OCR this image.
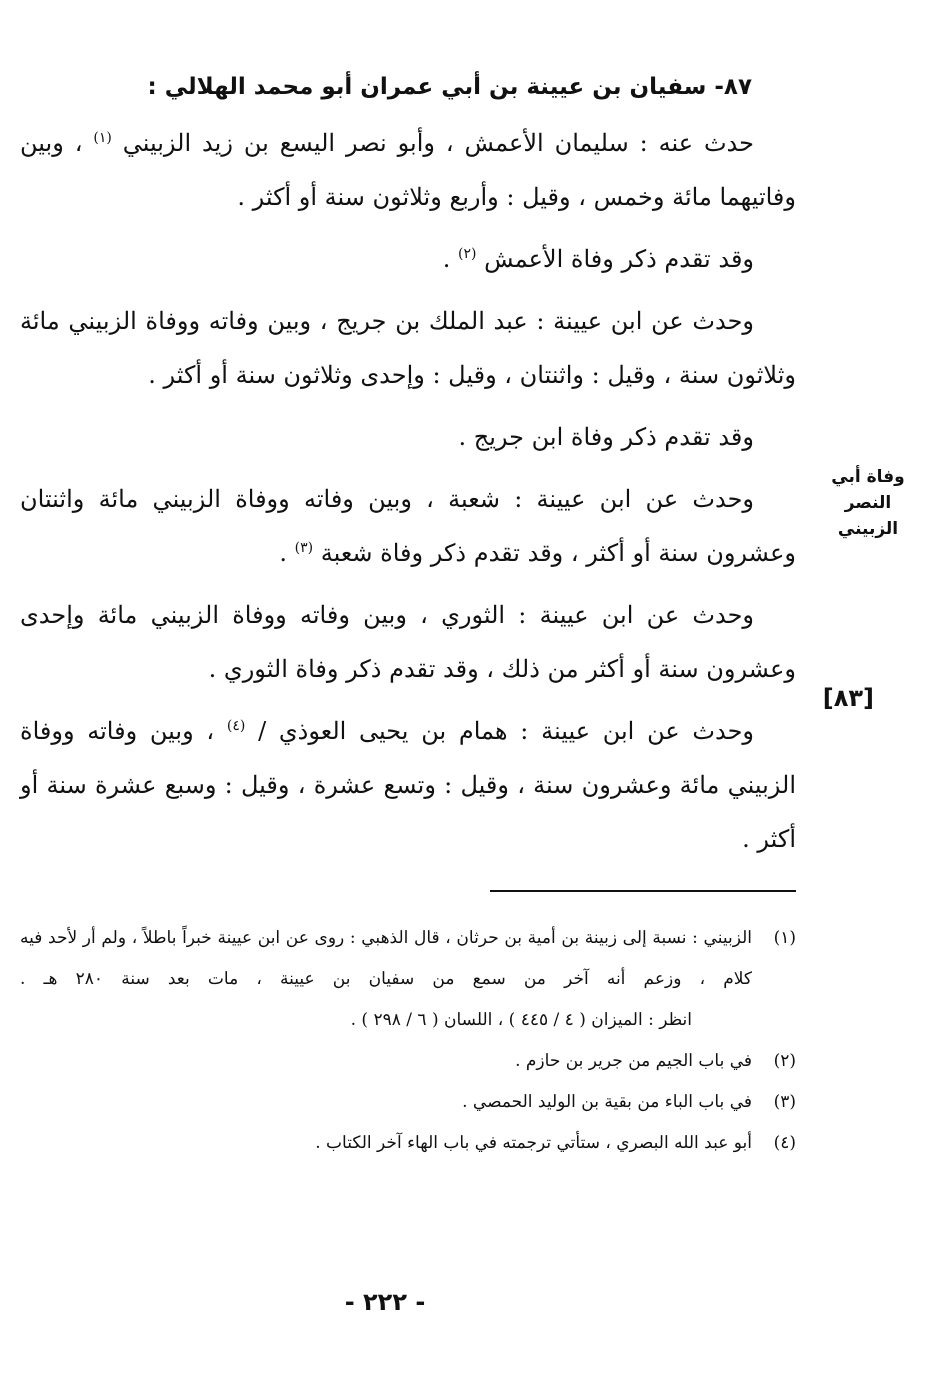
٨٧- سفيان بن عيينة بن أبي عمران أبو محمد الهلالي :
وفاة أبي
النصر الزبيني
[٨٣]

حدث عنه : سليمان الأعمش ، وأبو نصر اليسع بن زيد الزبيني $^{(١)}$ ، وبين وفاتيهما مائة وخمس ، وقيل : وأربع وثلاثون سنة أو أكثر .

وقد تقدم ذكر وفاة الأعمش $^{(٢)}$ .

وحدث عن ابن عيينة : عبد الملك بن جريج ، وبين وفاته ووفاة الزبيني مائة وثلاثون سنة ، وقيل : واثنتان ، وقيل : وإحدى وثلاثون سنة أو أكثر .

وقد تقدم ذكر وفاة ابن جريج .

وحدث عن ابن عيينة : شعبة ، وبين وفاته ووفاة الزبيني مائة واثنتان وعشرون سنة أو أكثر ، وقد تقدم ذكر وفاة شعبة $^{(٣)}$ .

وحدث عن ابن عيينة : الثوري ، وبين وفاته ووفاة الزبيني مائة وإحدى وعشرون سنة أو أكثر من ذلك ، وقد تقدم ذكر وفاة الثوري .

وحدث عن ابن عيينة : همام بن يحيى العوذي / $^{(٤)}$ ، وبين وفاته ووفاة الزبيني مائة وعشرون سنة ، وقيل : وتسع عشرة ، وقيل : وسبع عشرة سنة أو أكثر .

(١)
الزبيني : نسبة إلى زبينة بن أمية بن حرثان ، قال الذهبي : روى عن ابن عيينة خبراً باطلاً ، ولم أر لأحد فيه كلام ، وزعم أنه آخر من سمع من سفيان بن عيينة ، مات بعد سنة ٢٨٠ هـ . انظر : الميزان ( ٤ / ٤٤٥ ) ، اللسان ( ٦ / ٢٩٨ ) .
(٢)
في باب الجيم من جرير بن حازم .
(٣)
في باب الباء من بقية بن الوليد الحمصي .
(٤)
أبو عبد الله البصري ، ستأتي ترجمته في باب الهاء آخر الكتاب .
- ٢٢٢ -
